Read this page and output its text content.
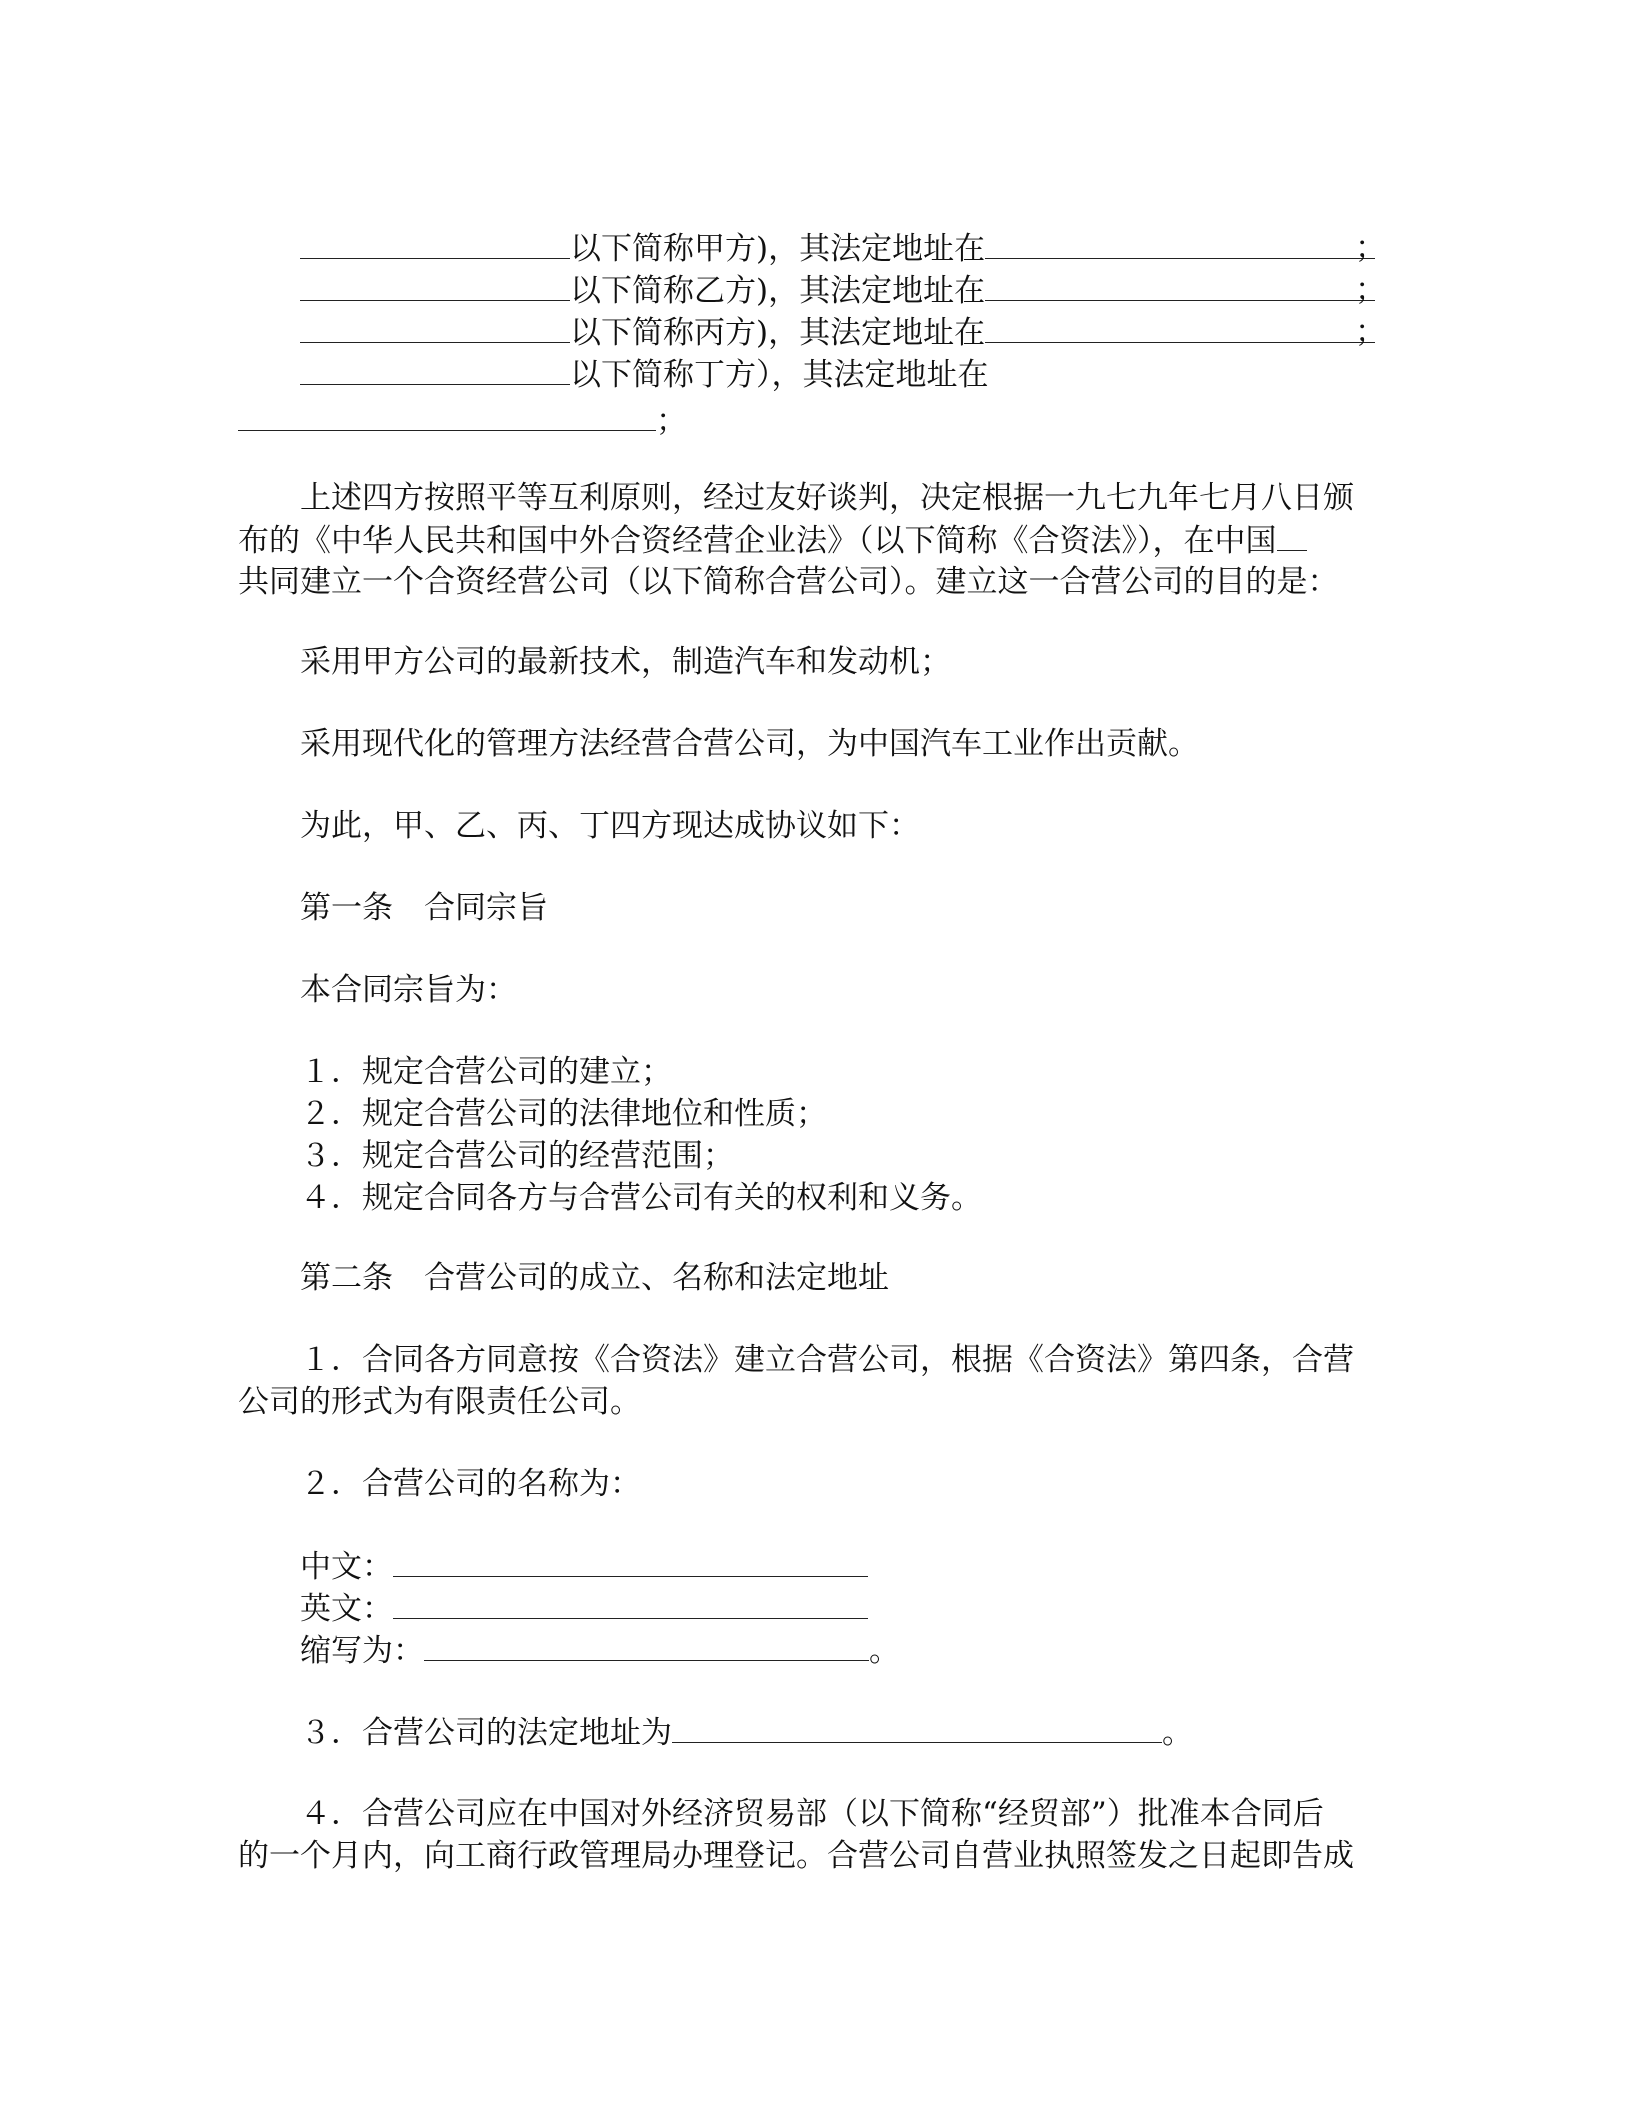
以下简称甲方)，其法定地址在	；
以下简称乙方)，其法定地址在	；
以下简称丙方)，其法定地址在	；
以下简称丁方），其法定地址在
；
上述四方按照平等互利原则，经过友好谈判，决定根据一九七九年七月八日颁
布的《中华人民共和国中外合资经营企业法》（以下简称《合资法》），在中国
共同建立一个合资经营公司（以下简称合营公司）。建立这一合营公司的目的是：
采用甲方公司的最新技术，制造汽车和发动机；
采用现代化的管理方法经营合营公司，为中国汽车工业作出贡献。
为此，甲、乙、丙、丁四方现达成协议如下：
第一条　合同宗旨
本合同宗旨为：
１．规定合营公司的建立；
２．规定合营公司的法律地位和性质；
３．规定合营公司的经营范围；
４．规定合同各方与合营公司有关的权利和义务。
第二条　合营公司的成立、名称和法定地址
１．合同各方同意按《合资法》建立合营公司，根据《合资法》第四条，合营
公司的形式为有限责任公司。
２．合营公司的名称为：
中文：
英文：
缩写为：	。
３．合营公司的法定地址为	。
４．合营公司应在中国对外经济贸易部（以下简称“经贸部”）批准本合同后
的一个月内，向工商行政管理局办理登记。合营公司自营业执照签发之日起即告成
